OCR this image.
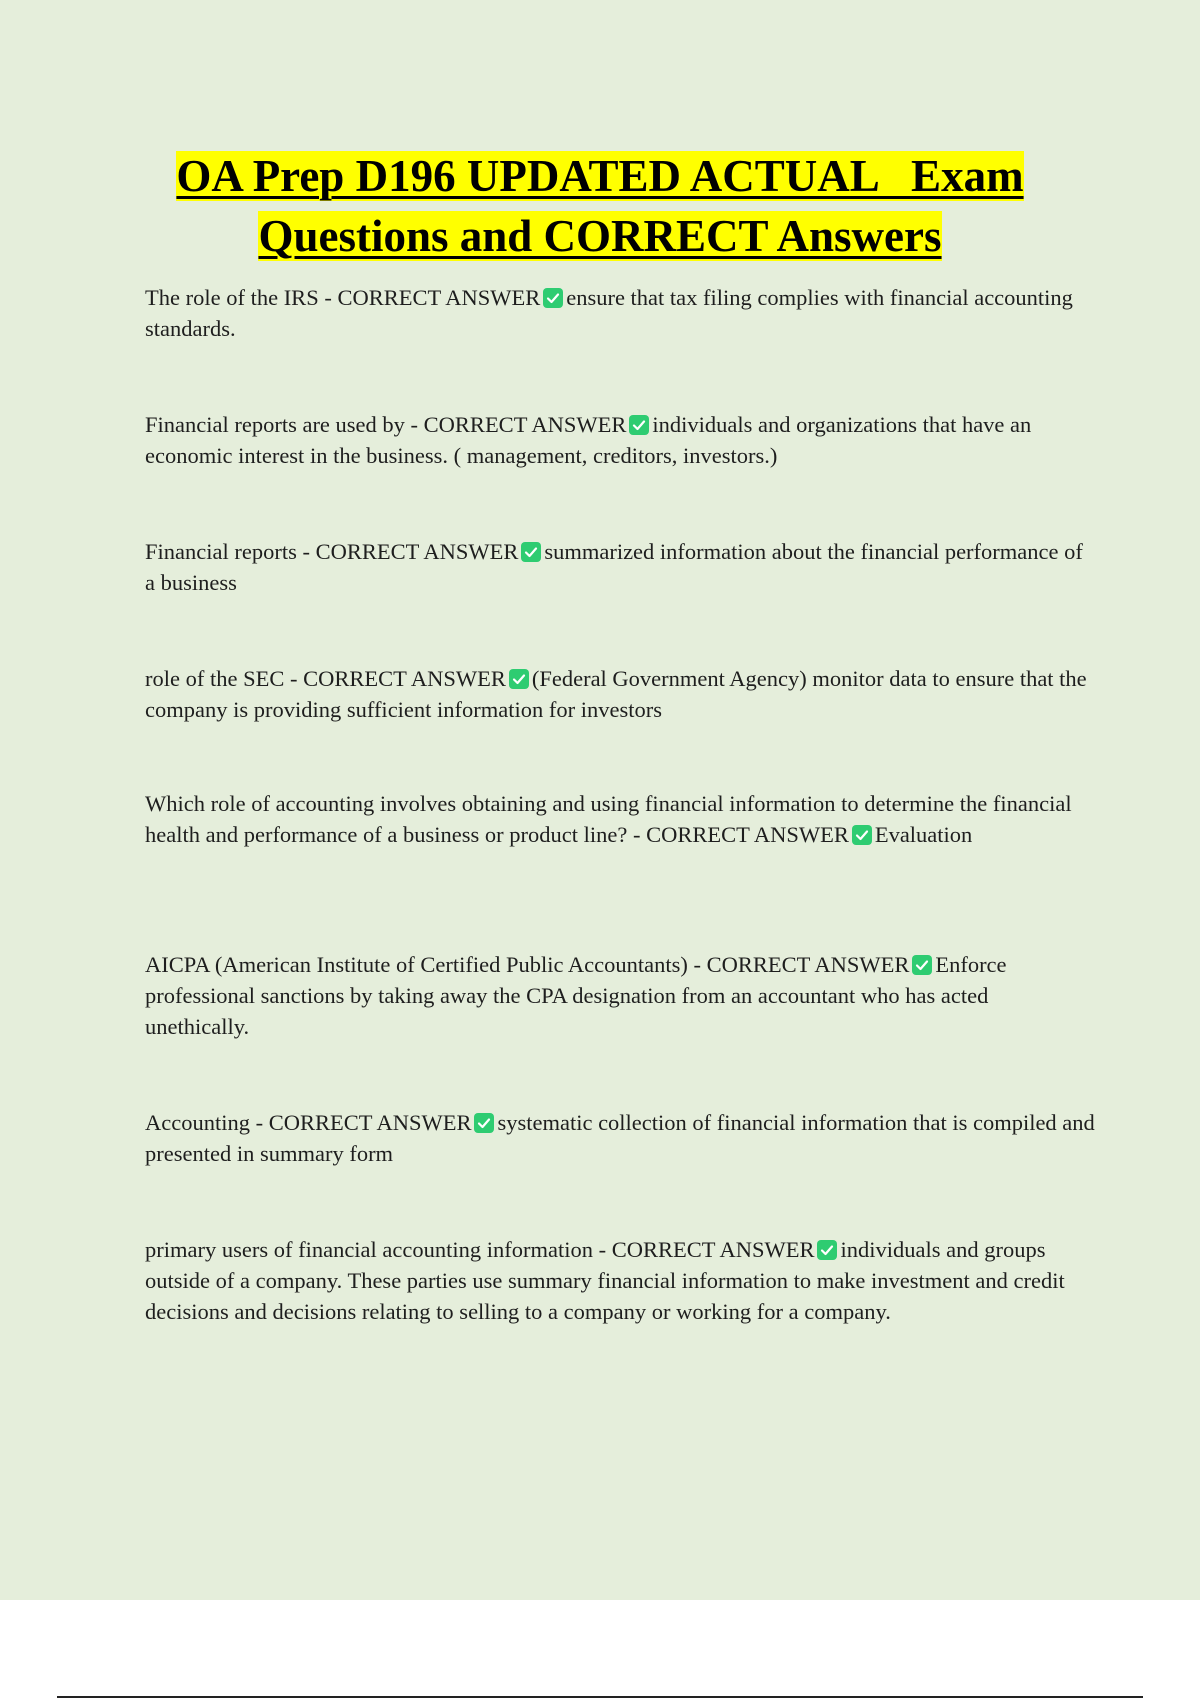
OA Prep D196 UPDATED ACTUAL   Exam
Questions and CORRECT Answers

The role of the IRS - CORRECT ANSWER ensure that tax filing complies with financial accounting standards.

Financial reports are used by - CORRECT ANSWER individuals and organizations that have an economic interest in the business. ( management, creditors, investors.)

Financial reports - CORRECT ANSWER summarized information about the financial performance of a business

role of the SEC - CORRECT ANSWER (Federal Government Agency) monitor data to ensure that the company is providing sufficient information for investors

Which role of accounting involves obtaining and using financial information to determine the financial health and performance of a business or product line? - CORRECT ANSWER Evaluation

AICPA (American Institute of Certified Public Accountants) - CORRECT ANSWER Enforce professional sanctions by taking away the CPA designation from an accountant who has acted unethically.

Accounting - CORRECT ANSWER systematic collection of financial information that is compiled and presented in summary form

primary users of financial accounting information - CORRECT ANSWER individuals and groups outside of a company. These parties use summary financial information to make investment and credit decisions and decisions relating to selling to a company or working for a company.
